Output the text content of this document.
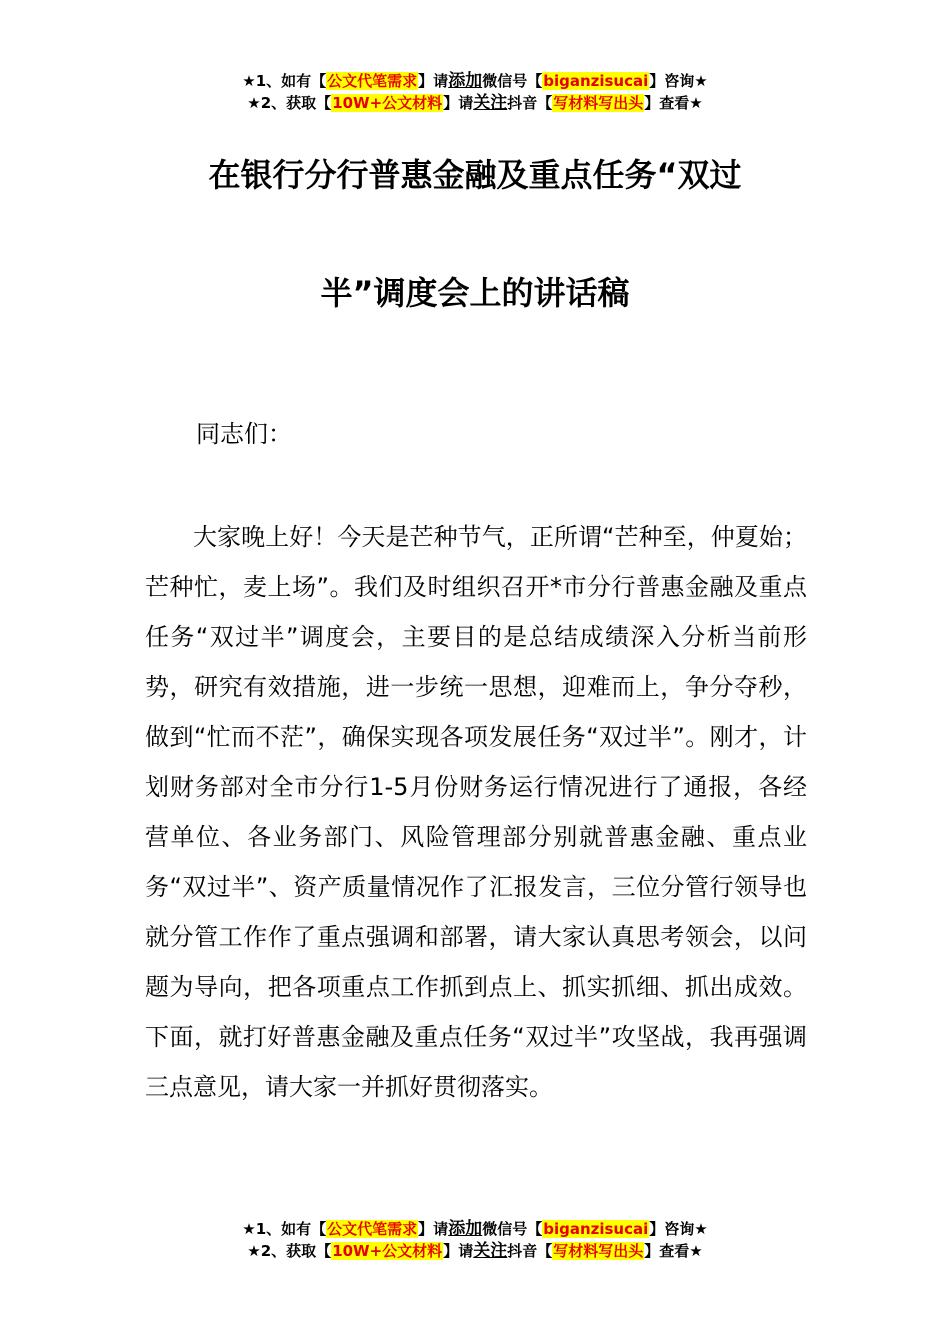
★1、如有【公文代笔需求】请添加微信号【biganzisucai】咨询★
★2、获取【10W+公文材料】请关注抖音【写材料写出头】查看★
在银行分行普惠金融及重点任务“双过
半”调度会上的讲话稿
同志们：
大家晚上好！今天是芒种节气，正所谓“芒种至，仲夏始；芒种忙，麦上场”。我们及时组织召开*市分行普惠金融及重点任务“双过半”调度会，主要目的是总结成绩深入分析当前形势，研究有效措施，进一步统一思想，迎难而上，争分夺秒，做到“忙而不茫”，确保实现各项发展任务“双过半”。刚才，计划财务部对全市分行1-5月份财务运行情况进行了通报，各经营单位、各业务部门、风险管理部分别就普惠金融、重点业务“双过半”、资产质量情况作了汇报发言，三位分管行领导也就分管工作作了重点强调和部署，请大家认真思考领会，以问题为导向，把各项重点工作抓到点上、抓实抓细、抓出成效。下面，就打好普惠金融及重点任务“双过半”攻坚战，我再强调三点意见，请大家一并抓好贯彻落实。
★1、如有【公文代笔需求】请添加微信号【biganzisucai】咨询★
★2、获取【10W+公文材料】请关注抖音【写材料写出头】查看★
